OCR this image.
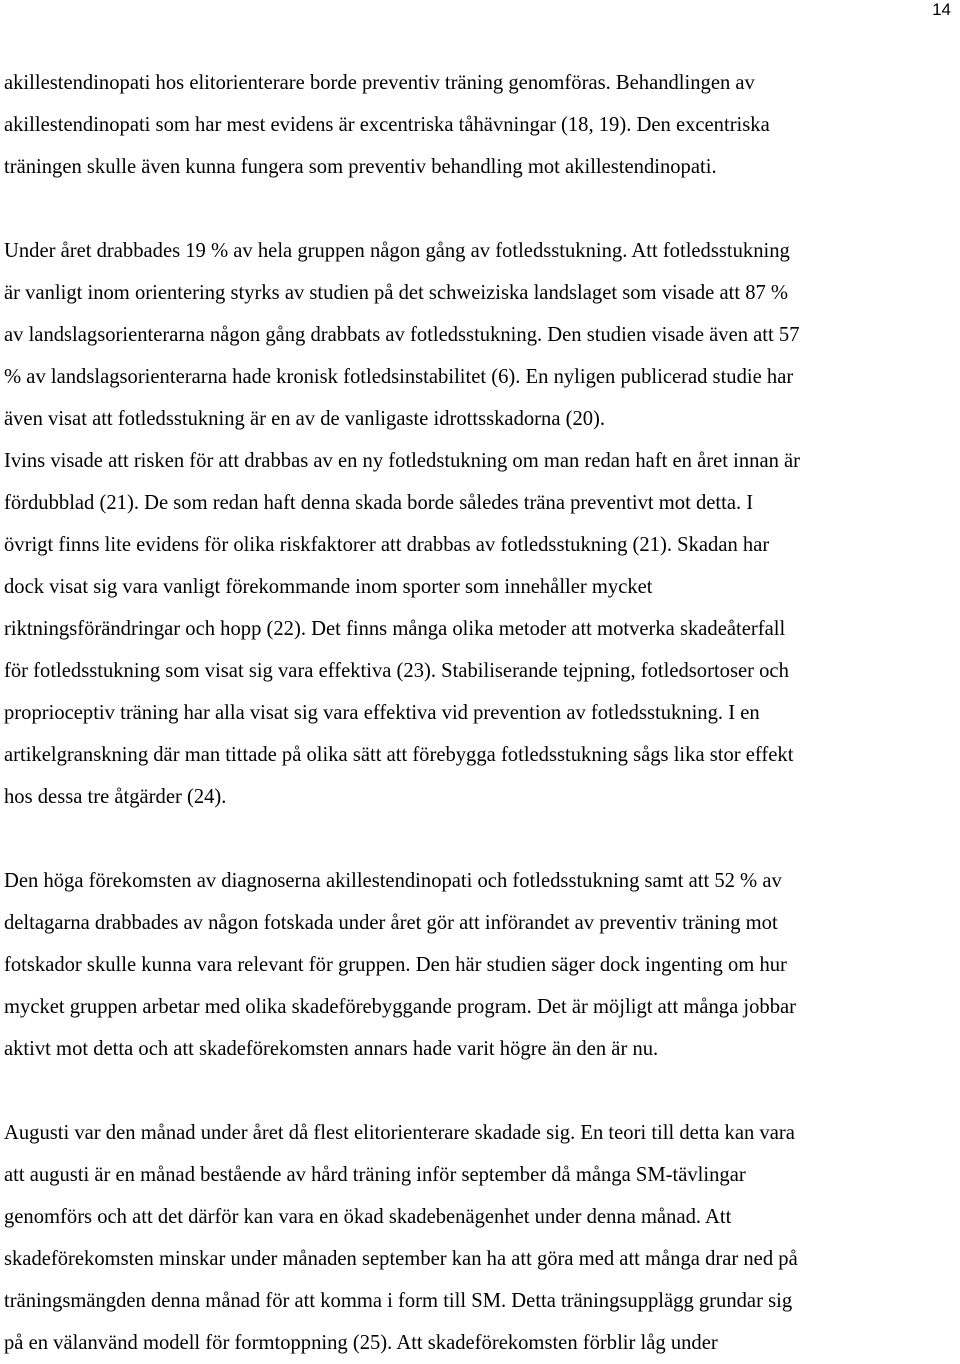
14

akillestendinopati hos elitorienterare borde preventiv träning genomföras. Behandlingen av

akillestendinopati som har mest evidens är excentriska tåhävningar (18, 19). Den excentriska

träningen skulle även kunna fungera som preventiv behandling mot akillestendinopati.

Under året drabbades 19 % av hela gruppen någon gång av fotledsstukning. Att fotledsstukning

är vanligt inom orientering styrks av studien på det schweiziska landslaget som visade att 87 %

av landslagsorienterarna någon gång drabbats av fotledsstukning. Den studien visade även att 57

% av landslagsorienterarna hade kronisk fotledsinstabilitet (6). En nyligen publicerad studie har

även visat att fotledsstukning är en av de vanligaste idrottsskadorna (20).

Ivins visade att risken för att drabbas av en ny fotledstukning om man redan haft en året innan är

fördubblad (21). De som redan haft denna skada borde således träna preventivt mot detta. I

övrigt finns lite evidens för olika riskfaktorer att drabbas av fotledsstukning (21). Skadan har

dock visat sig vara vanligt förekommande inom sporter som innehåller mycket

riktningsförändringar och hopp (22). Det finns många olika metoder att motverka skadeåterfall

för fotledsstukning som visat sig vara effektiva (23). Stabiliserande tejpning, fotledsortoser och

proprioceptiv träning har alla visat sig vara effektiva vid prevention av fotledsstukning. I en

artikelgranskning där man tittade på olika sätt att förebygga fotledsstukning sågs lika stor effekt

hos dessa tre åtgärder (24).

Den höga förekomsten av diagnoserna akillestendinopati och fotledsstukning samt att 52 % av

deltagarna drabbades av någon fotskada under året gör att införandet av preventiv träning mot

fotskador skulle kunna vara relevant för gruppen. Den här studien säger dock ingenting om hur

mycket gruppen arbetar med olika skadeförebyggande program. Det är möjligt att många jobbar

aktivt mot detta och att skadeförekomsten annars hade varit högre än den är nu.

Augusti var den månad under året då flest elitorienterare skadade sig. En teori till detta kan vara

att augusti är en månad bestående av hård träning inför september då många SM-tävlingar

genomförs och att det därför kan vara en ökad skadebenägenhet under denna månad. Att

skadeförekomsten minskar under månaden september kan ha att göra med att många drar ned på

träningsmängden denna månad för att komma i form till SM. Detta träningsupplägg grundar sig

på en välanvänd modell för formtoppning (25). Att skadeförekomsten förblir låg under
